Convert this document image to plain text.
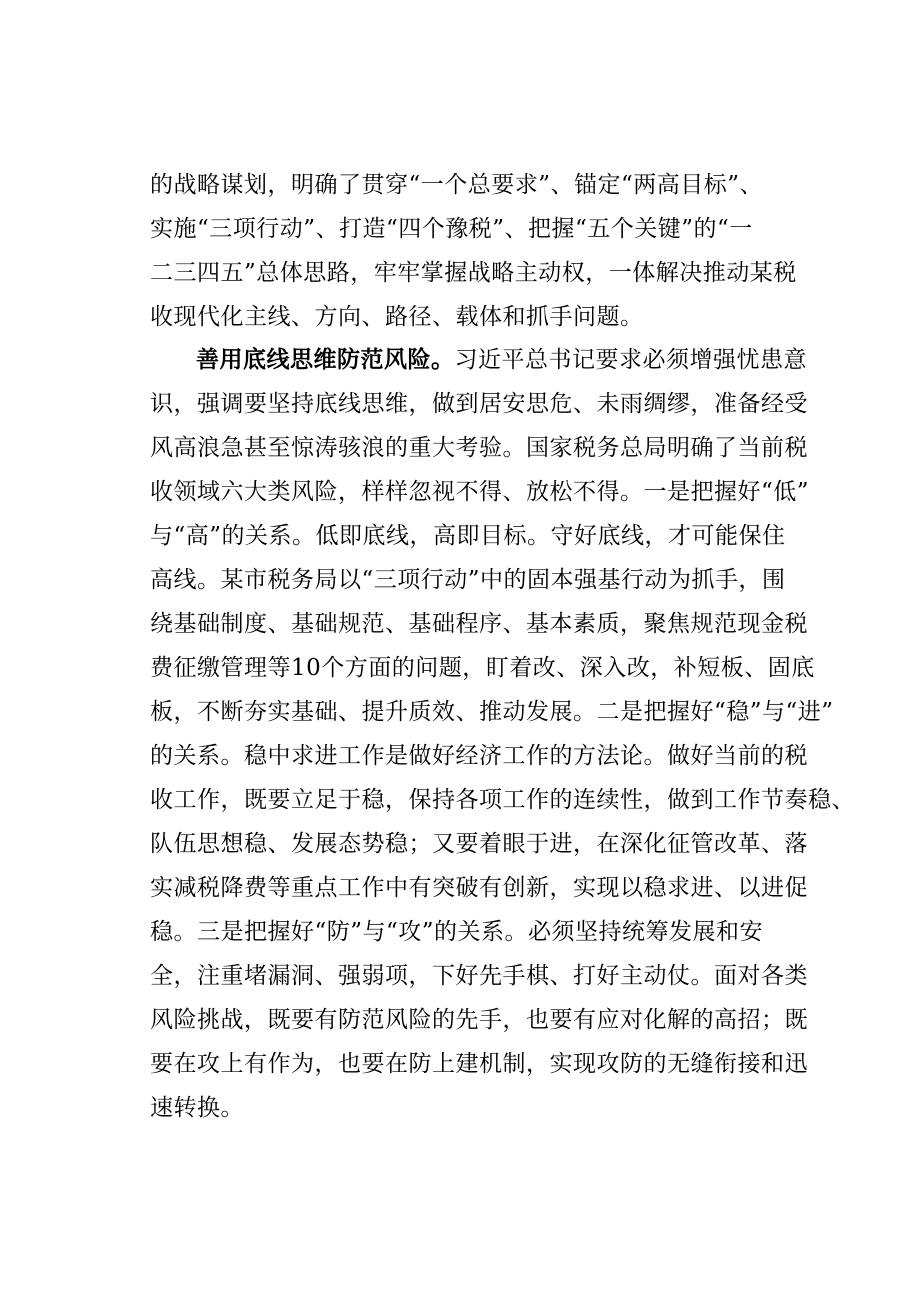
的战略谋划，明确了贯穿“一个总要求”、锚定“两高目标”、
实施“三项行动”、打造“四个豫税”、把握“五个关键”的“一
二三四五”总体思路，牢牢掌握战略主动权，一体解决推动某税
收现代化主线、方向、路径、载体和抓手问题。
善用底线思维防范风险。习近平总书记要求必须增强忧患意
识，强调要坚持底线思维，做到居安思危、未雨绸缪，准备经受
风高浪急甚至惊涛骇浪的重大考验。国家税务总局明确了当前税
收领域六大类风险，样样忽视不得、放松不得。一是把握好“低”
与“高”的关系。低即底线，高即目标。守好底线，才可能保住
高线。某市税务局以“三项行动”中的固本强基行动为抓手，围
绕基础制度、基础规范、基础程序、基本素质，聚焦规范现金税
费征缴管理等10个方面的问题，盯着改、深入改，补短板、固底
板，不断夯实基础、提升质效、推动发展。二是把握好“稳”与“进”
的关系。稳中求进工作是做好经济工作的方法论。做好当前的税
收工作，既要立足于稳，保持各项工作的连续性，做到工作节奏稳、
队伍思想稳、发展态势稳；又要着眼于进，在深化征管改革、落
实减税降费等重点工作中有突破有创新，实现以稳求进、以进促
稳。三是把握好“防”与“攻”的关系。必须坚持统筹发展和安
全，注重堵漏洞、强弱项，下好先手棋、打好主动仗。面对各类
风险挑战，既要有防范风险的先手，也要有应对化解的高招；既
要在攻上有作为，也要在防上建机制，实现攻防的无缝衔接和迅
速转换。
